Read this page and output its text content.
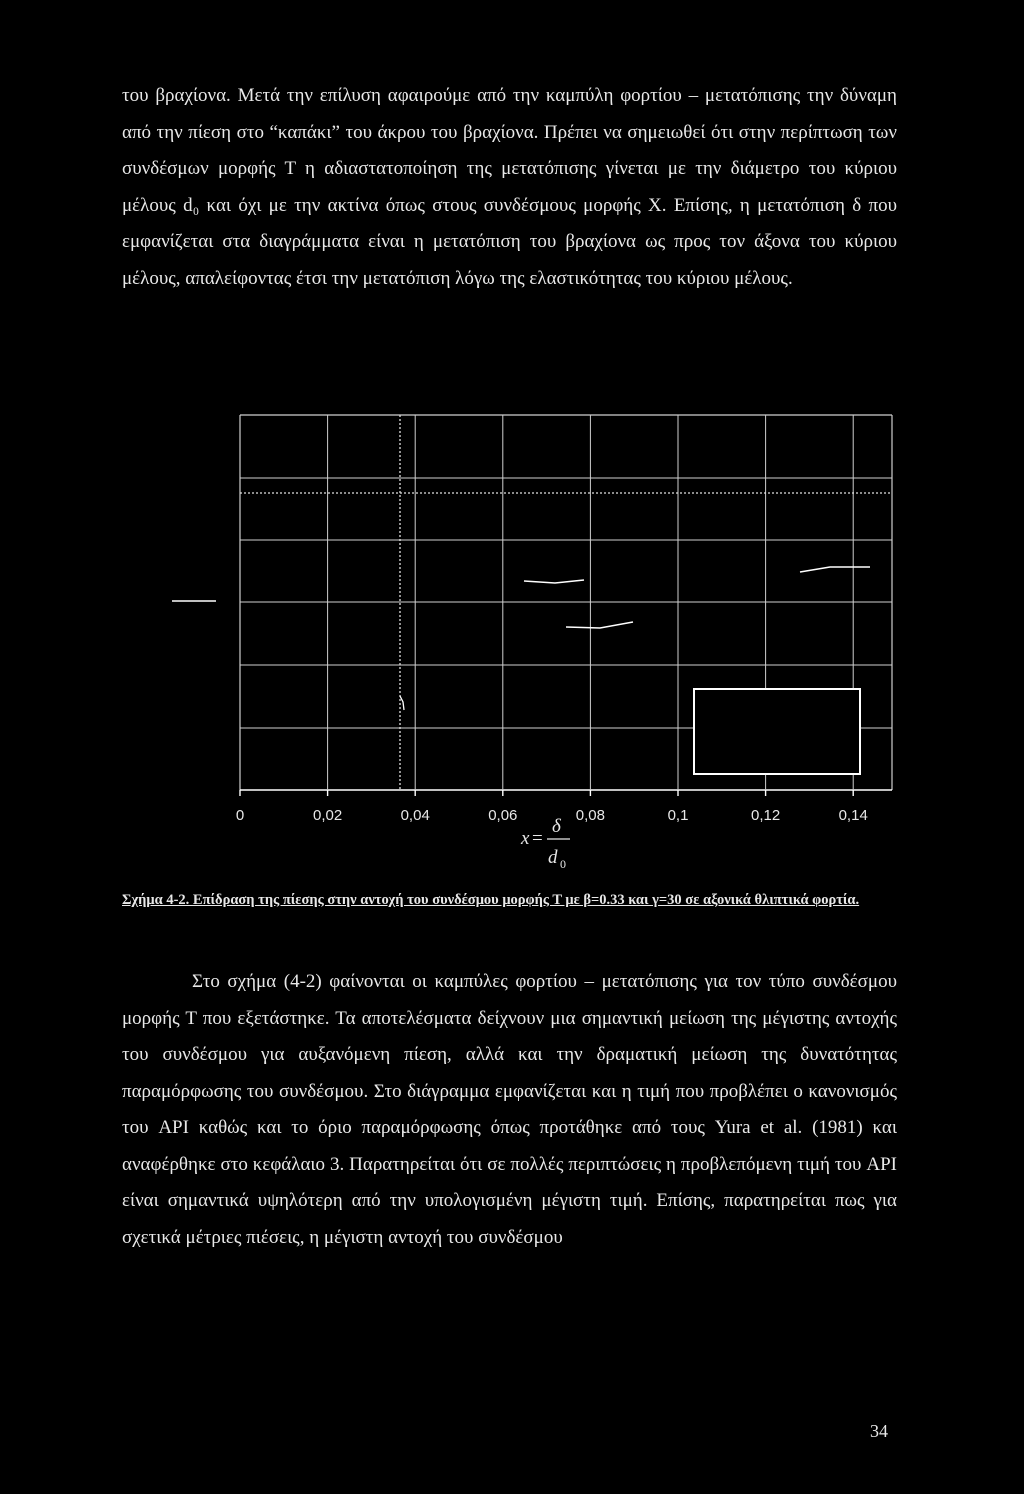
του βραχίονα. Μετά την επίλυση αφαιρούμε από την καμπύλη φορτίου – μετατόπισης την δύναμη από την πίεση στο “καπάκι” του άκρου του βραχίονα. Πρέπει να σημειωθεί ότι στην περίπτωση των συνδέσμων μορφής Τ η αδιαστατοποίηση της μετατόπισης γίνεται με την διάμετρο του κύριου μέλους d₀ και όχι με την ακτίνα όπως στους συνδέσμους μορφής Χ. Επίσης, η μετατόπιση δ που εμφανίζεται στα διαγράμματα είναι η μετατόπιση του βραχίονα ως προς τον άξονα του κύριου μέλους, απαλείφοντας έτσι την μετατόπιση λόγω της ελαστικότητας του κύριου μέλους.

0	0,02	0,04	0,06	0,08	0,1	0,12	0,14
x =
δ
d 0
Σχήμα 4-2. Επίδραση της πίεσης στην αντοχή του συνδέσμου μορφής Τ με β=0.33 και γ=30 σε αξονικά θλιπτικά φορτία.

Στο σχήμα (4-2) φαίνονται οι καμπύλες φορτίου – μετατόπισης για τον τύπο συνδέσμου μορφής Τ που εξετάστηκε. Τα αποτελέσματα δείχνουν μια σημαντική μείωση της μέγιστης αντοχής του συνδέσμου για αυξανόμενη πίεση, αλλά και την δραματική μείωση της δυνατότητας παραμόρφωσης του συνδέσμου. Στο διάγραμμα εμφανίζεται και η τιμή που προβλέπει ο κανονισμός του API καθώς και το όριο παραμόρφωσης όπως προτάθηκε από τους Yura et al. (1981) και αναφέρθηκε στο κεφάλαιο 3. Παρατηρείται ότι σε πολλές περιπτώσεις η προβλεπόμενη τιμή του API είναι σημαντικά υψηλότερη από την υπολογισμένη μέγιστη τιμή. Επίσης, παρατηρείται πως για σχετικά μέτριες πιέσεις, η μέγιστη αντοχή του συνδέσμου

34
